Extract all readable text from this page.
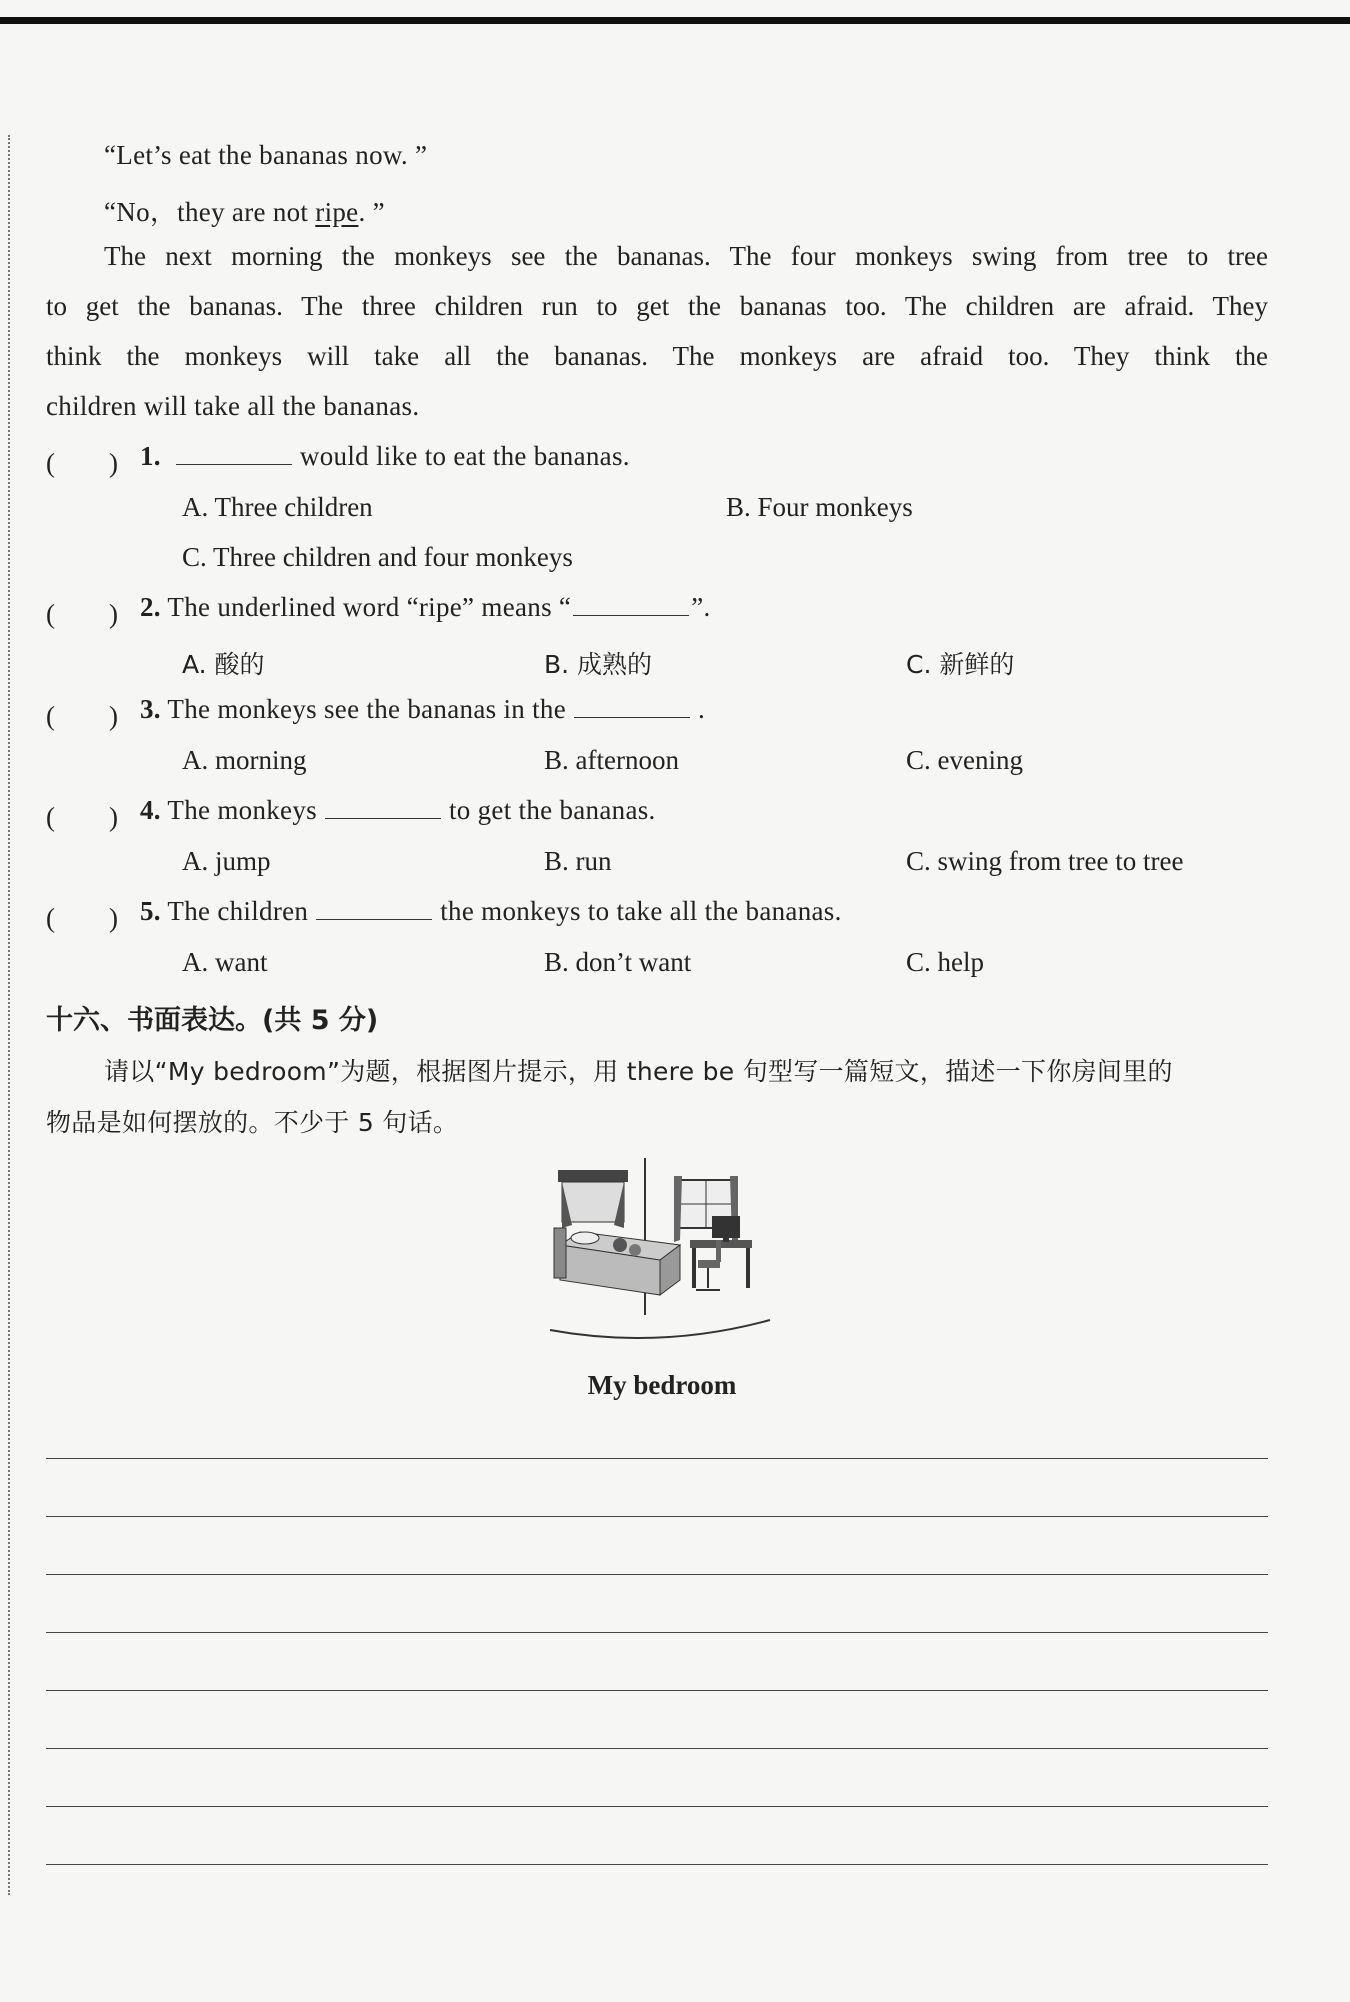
“Let’s eat the bananas now. ”
“No，they are not ripe. ”
The next morning the monkeys see the bananas. The four monkeys swing from tree to tree
to get the bananas. The three children run to get the bananas too. The children are afraid. They
think the monkeys will take all the bananas. The monkeys are afraid too. They think the
children will take all the bananas.
(　　) 1.	would like to eat the bananas.
A. Three children	B. Four monkeys
C. Three children and four monkeys
(　　) 2. The underlined word “ripe” means “	”.
A. 酸的	B. 成熟的	C. 新鲜的
(　　) 3. The monkeys see the bananas in the	.
A. morning	B. afternoon	C. evening
(　　) 4. The monkeys	to get the bananas.
A. jump	B. run	C. swing from tree to tree
(　　) 5. The children	the monkeys to take all the bananas.
A. want	B. don’t want	C. help
十六、书面表达。(共 5 分)
请以“My bedroom”为题，根据图片提示，用 there be 句型写一篇短文，描述一下你房间里的
物品是如何摆放的。不少于 5 句话。
My bedroom
